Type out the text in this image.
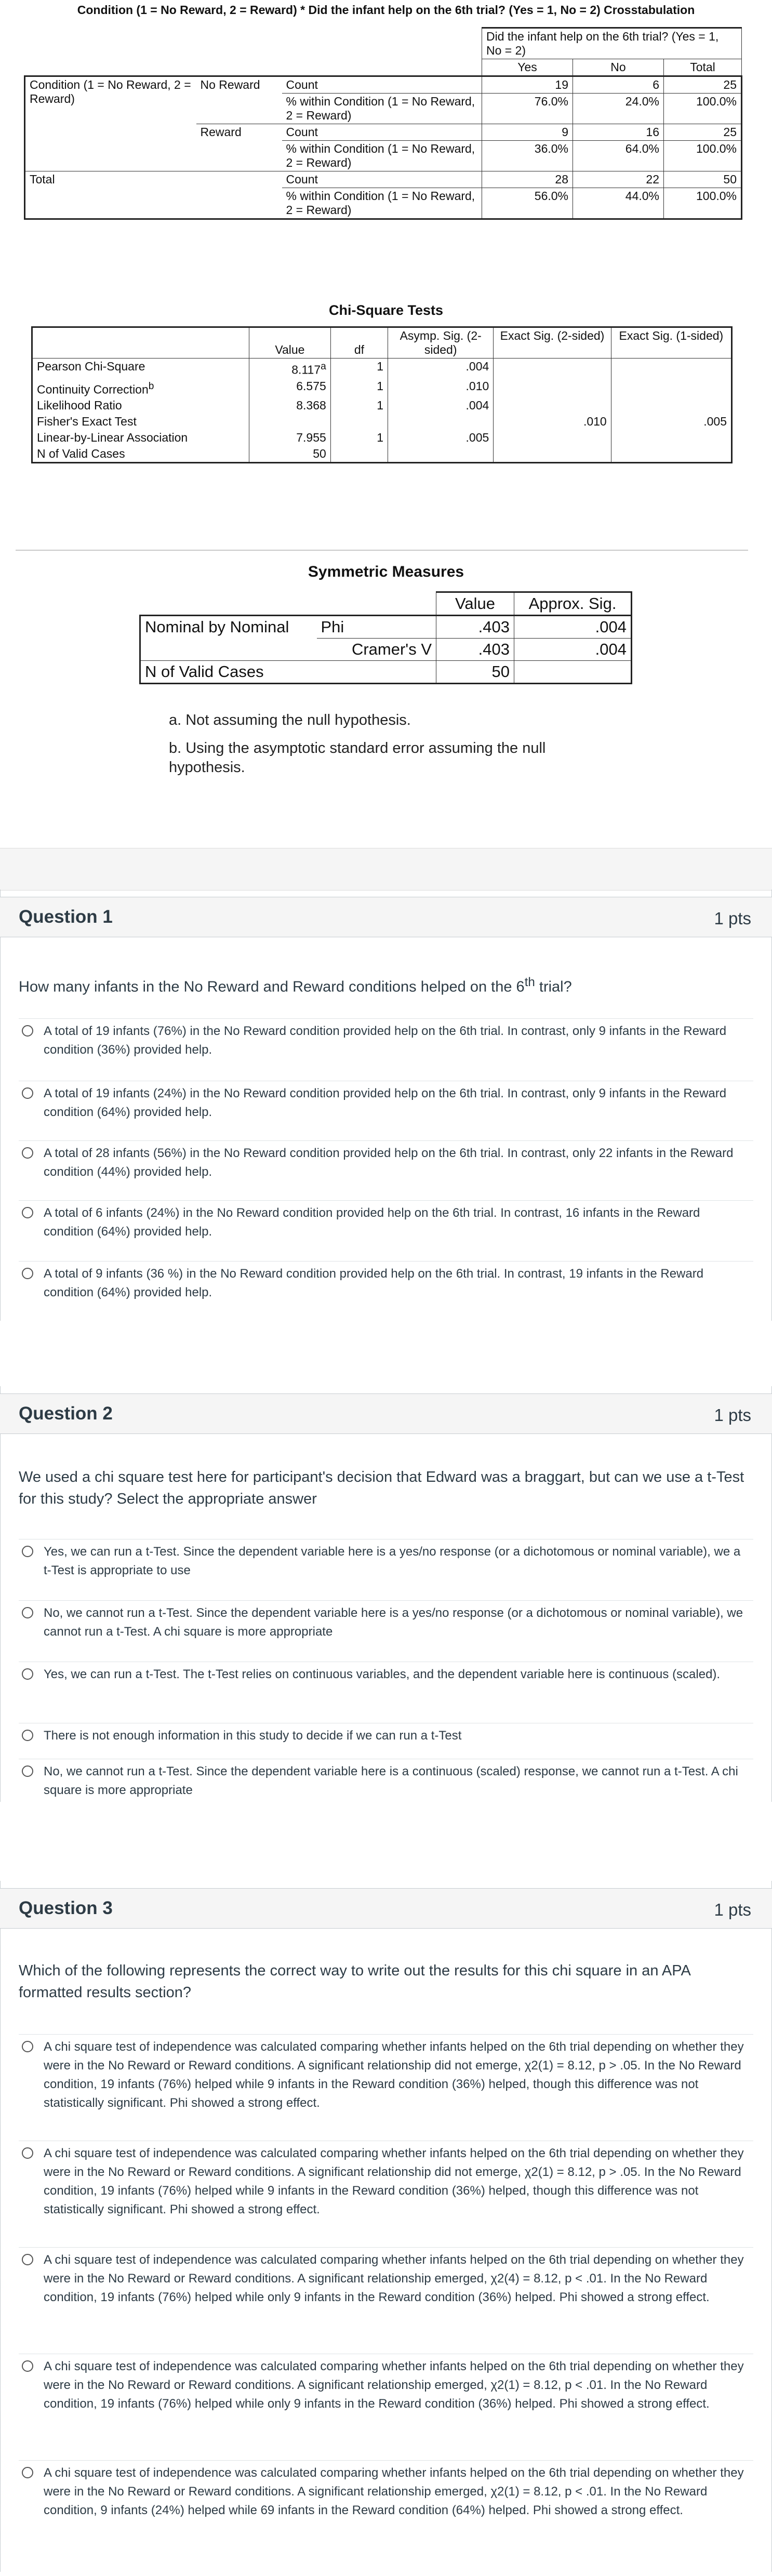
Condition (1 = No Reward, 2 = Reward) * Did the infant help on the 6th trial? (Yes = 1, No = 2) Crosstabulation
			Did the infant help on the 6th trial? (Yes = 1, No = 2)		
			Yes	No	Total
Condition (1 = No Reward, 2 = Reward)	No Reward	Count	19	6	25
		% within Condition (1 = No Reward, 2 = Reward)	76.0%	24.0%	100.0%
	Reward	Count	9	16	25
		% within Condition (1 = No Reward, 2 = Reward)	36.0%	64.0%	100.0%
Total		Count	28	22	50
		% within Condition (1 = No Reward, 2 = Reward)	56.0%	44.0%	100.0%
Chi-Square Tests
	Value	df	Asymp. Sig. (2-sided)	Exact Sig. (2-sided)	Exact Sig. (1-sided)
Pearson Chi-Square	8.117$^a$	1	.004		
Continuity Correction$^b$	6.575	1	.010		
Likelihood Ratio	8.368	1	.004		
Fisher's Exact Test				.010	.005
Linear-by-Linear Association	7.955	1	.005		
N of Valid Cases	50				
Symmetric Measures
		Value	Approx. Sig.
Nominal by Nominal	Phi	.403	.004
	Cramer's V	.403	.004
N of Valid Cases		50	
a. Not assuming the null hypothesis.
b. Using the asymptotic standard error assuming the null hypothesis.
Question 1	1 pts
How many infants in the No Reward and Reward conditions helped on the 6th trial?
A total of 19 infants (76%) in the No Reward condition provided help on the 6th trial. In contrast, only 9 infants in the Reward condition (36%) provided help.
A total of 19 infants (24%) in the No Reward condition provided help on the 6th trial. In contrast, only 9 infants in the Reward condition (64%) provided help.
A total of 28 infants (56%) in the No Reward condition provided help on the 6th trial. In contrast, only 22 infants in the Reward condition (44%) provided help.
A total of 6 infants (24%) in the No Reward condition provided help on the 6th trial. In contrast, 16 infants in the Reward condition (64%) provided help.
A total of 9 infants (36 %) in the No Reward condition provided help on the 6th trial. In contrast, 19 infants in the Reward condition (64%) provided help.
Question 2	1 pts
We used a chi square test here for participant's decision that Edward was a braggart, but can we use a t-Test for this study? Select the appropriate answer
Yes, we can run a t-Test. Since the dependent variable here is a yes/no response (or a dichotomous or nominal variable), we a t-Test is appropriate to use
No, we cannot run a t-Test. Since the dependent variable here is a yes/no response (or a dichotomous or nominal variable), we cannot run a t-Test. A chi square is more appropriate
Yes, we can run a t-Test. The t-Test relies on continuous variables, and the dependent variable here is continuous (scaled).
There is not enough information in this study to decide if we can run a t-Test
No, we cannot run a t-Test. Since the dependent variable here is a continuous (scaled) response, we cannot run a t-Test. A chi square is more appropriate
Question 3	1 pts
Which of the following represents the correct way to write out the results for this chi square in an APA formatted results section?
A chi square test of independence was calculated comparing whether infants helped on the 6th trial depending on whether they were in the No Reward or Reward conditions. A significant relationship did not emerge, χ2(1) = 8.12, p > .05. In the No Reward condition, 19 infants (76%) helped while 9 infants in the Reward condition (36%) helped, though this difference was not statistically significant. Phi showed a strong effect.
A chi square test of independence was calculated comparing whether infants helped on the 6th trial depending on whether they were in the No Reward or Reward conditions. A significant relationship did not emerge, χ2(1) = 8.12, p > .05. In the No Reward condition, 19 infants (76%) helped while 9 infants in the Reward condition (36%) helped, though this difference was not statistically significant. Phi showed a strong effect.
A chi square test of independence was calculated comparing whether infants helped on the 6th trial depending on whether they were in the No Reward or Reward conditions. A significant relationship emerged, χ2(4) = 8.12, p < .01. In the No Reward condition, 19 infants (76%) helped while only 9 infants in the Reward condition (36%) helped. Phi showed a strong effect.
A chi square test of independence was calculated comparing whether infants helped on the 6th trial depending on whether they were in the No Reward or Reward conditions. A significant relationship emerged, χ2(1) = 8.12, p < .01. In the No Reward condition, 19 infants (76%) helped while only 9 infants in the Reward condition (36%) helped. Phi showed a strong effect.
A chi square test of independence was calculated comparing whether infants helped on the 6th trial depending on whether they were in the No Reward or Reward conditions. A significant relationship emerged, χ2(1) = 8.12, p < .01. In the No Reward condition, 9 infants (24%) helped while 69 infants in the Reward condition (64%) helped. Phi showed a strong effect.
